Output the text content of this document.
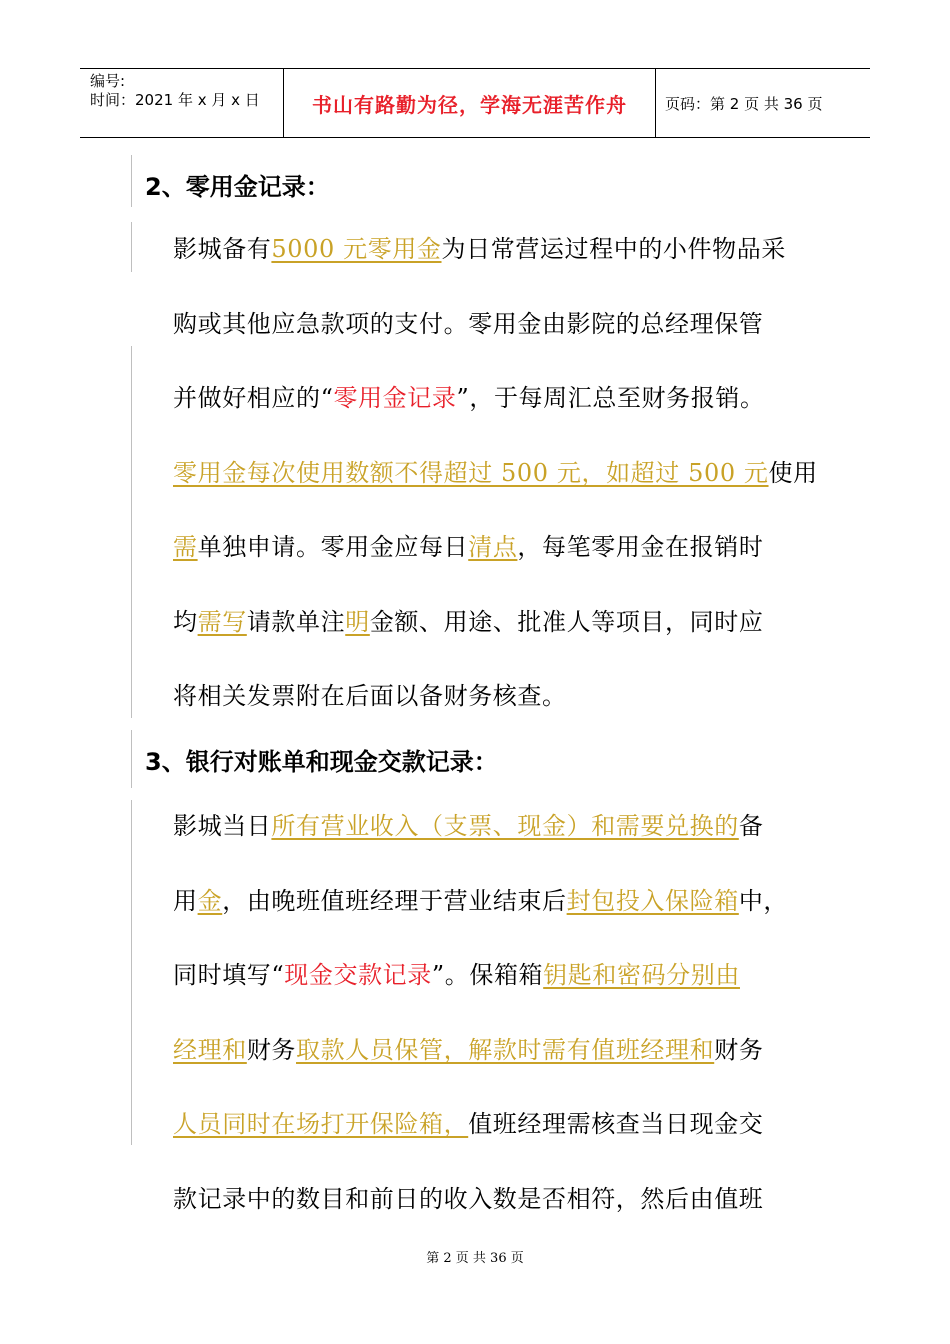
编号:
时间：2021 年 x 月 x 日	书山有路勤为径，学海无涯苦作舟	页码：第 2 页 共 36 页
2、零用金记录：
影城备有5000 元零用金为日常营运过程中的小件物品采
购或其他应急款项的支付。零用金由影院的总经理保管
并做好相应的“零用金记录”，于每周汇总至财务报销。
零用金每次使用数额不得超过 500 元，如超过 500 元使用
需单独申请。零用金应每日清点，每笔零用金在报销时
均需写请款单注明金额、用途、批准人等项目，同时应
将相关发票附在后面以备财务核查。
3、银行对账单和现金交款记录：
影城当日所有营业收入（支票、现金）和需要兑换的备
用金，由晚班值班经理于营业结束后封包投入保险箱中，
同时填写“现金交款记录”。保箱箱钥匙和密码分别由
经理和财务取款人员保管，解款时需有值班经理和财务
人员同时在场打开保险箱，值班经理需核查当日现金交
款记录中的数目和前日的收入数是否相符，然后由值班
第 2 页 共 36 页
